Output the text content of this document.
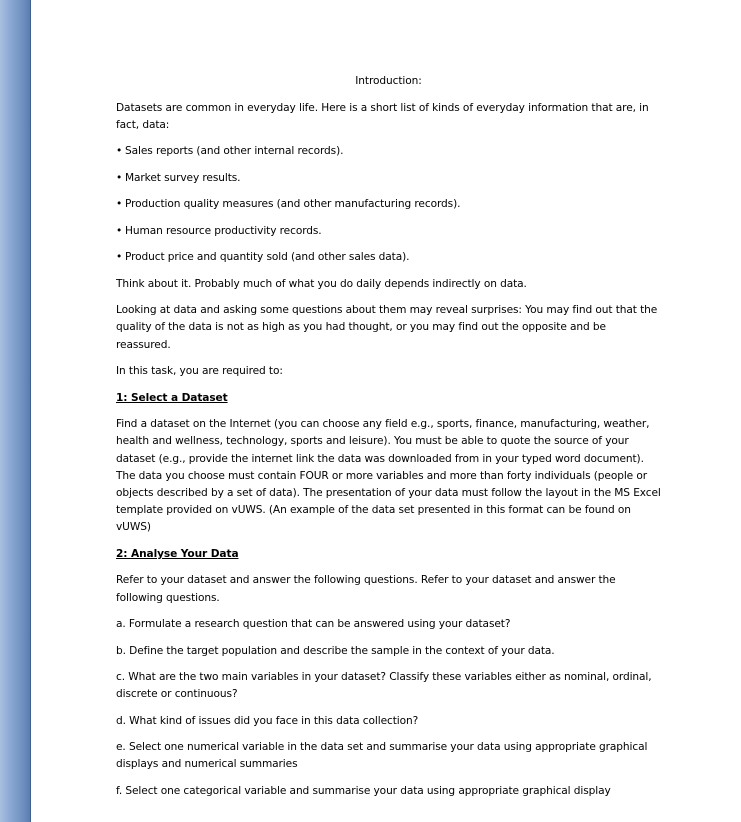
Introduction:

Datasets are common in everyday life. Here is a short list of kinds of everyday information that are, in fact, data:

• Sales reports (and other internal records).

• Market survey results.

• Production quality measures (and other manufacturing records).

• Human resource productivity records.

• Product price and quantity sold (and other sales data).

Think about it. Probably much of what you do daily depends indirectly on data.

Looking at data and asking some questions about them may reveal surprises: You may find out that the quality of the data is not as high as you had thought, or you may find out the opposite and be reassured.

In this task, you are required to:

1: Select a Dataset

Find a dataset on the Internet (you can choose any field e.g., sports, finance, manufacturing, weather, health and wellness, technology, sports and leisure). You must be able to quote the source of your dataset (e.g., provide the internet link the data was downloaded from in your typed word document). The data you choose must contain FOUR or more variables and more than forty individuals (people or objects described by a set of data). The presentation of your data must follow the layout in the MS Excel template provided on vUWS. (An example of the data set presented in this format can be found on vUWS)

2: Analyse Your Data

Refer to your dataset and answer the following questions. Refer to your dataset and answer the following questions.

a. Formulate a research question that can be answered using your dataset?

b. Define the target population and describe the sample in the context of your data.

c. What are the two main variables in your dataset? Classify these variables either as nominal, ordinal, discrete or continuous?

d. What kind of issues did you face in this data collection?

e. Select one numerical variable in the data set and summarise your data using appropriate graphical displays and numerical summaries

f. Select one categorical variable and summarise your data using appropriate graphical display
